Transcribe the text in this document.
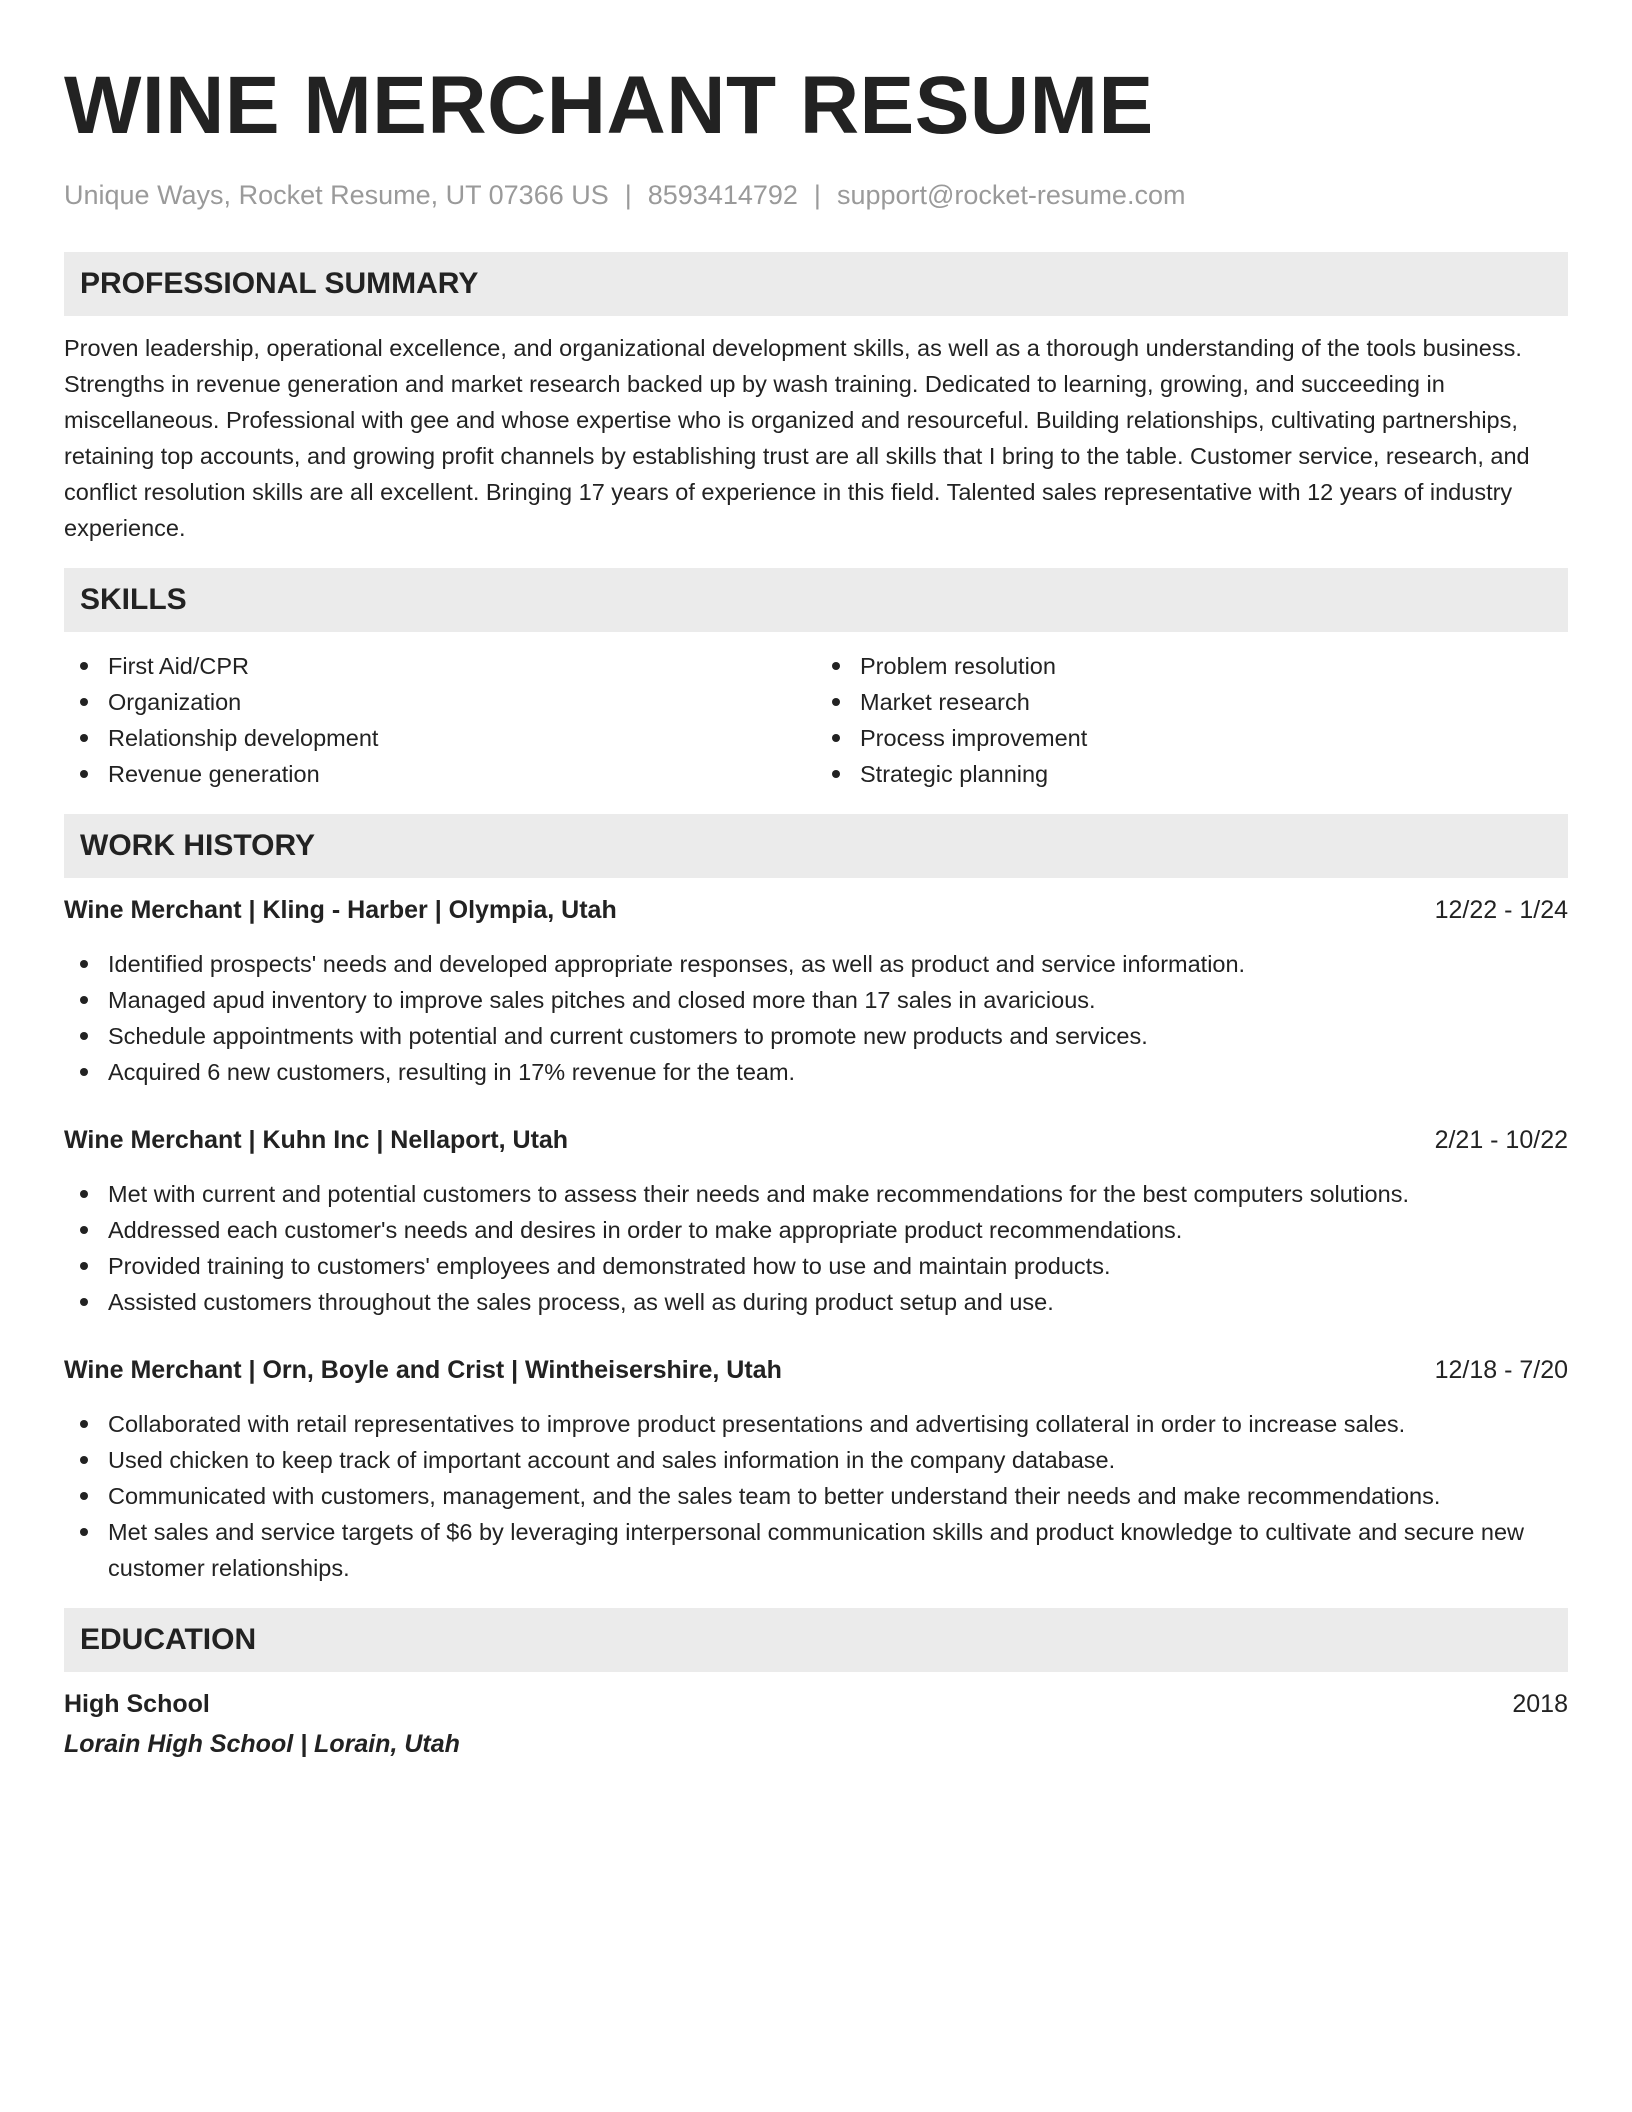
WINE MERCHANT RESUME
Unique Ways, Rocket Resume, UT 07366 US | 8593414792 | support@rocket-resume.com
PROFESSIONAL SUMMARY

Proven leadership, operational excellence, and organizational development skills, as well as a thorough understanding of the tools business. Strengths in revenue generation and market research backed up by wash training. Dedicated to learning, growing, and succeeding in miscellaneous. Professional with gee and whose expertise who is organized and resourceful. Building relationships, cultivating partnerships, retaining top accounts, and growing profit channels by establishing trust are all skills that I bring to the table. Customer service, research, and conflict resolution skills are all excellent. Bringing 17 years of experience in this field. Talented sales representative with 12 years of industry experience.

SKILLS
First Aid/CPR
Organization
Relationship development
Revenue generation
Problem resolution
Market research
Process improvement
Strategic planning
WORK HISTORY
Wine Merchant | Kling - Harber | Olympia, Utah	12/22 - 1/24
Identified prospects' needs and developed appropriate responses, as well as product and service information.
Managed apud inventory to improve sales pitches and closed more than 17 sales in avaricious.
Schedule appointments with potential and current customers to promote new products and services.
Acquired 6 new customers, resulting in 17% revenue for the team.
Wine Merchant | Kuhn Inc | Nellaport, Utah	2/21 - 10/22
Met with current and potential customers to assess their needs and make recommendations for the best computers solutions.
Addressed each customer's needs and desires in order to make appropriate product recommendations.
Provided training to customers' employees and demonstrated how to use and maintain products.
Assisted customers throughout the sales process, as well as during product setup and use.
Wine Merchant | Orn, Boyle and Crist | Wintheisershire, Utah	12/18 - 7/20
Collaborated with retail representatives to improve product presentations and advertising collateral in order to increase sales.
Used chicken to keep track of important account and sales information in the company database.
Communicated with customers, management, and the sales team to better understand their needs and make recommendations.
Met sales and service targets of $6 by leveraging interpersonal communication skills and product knowledge to cultivate and secure new customer relationships.
EDUCATION
High School	2018
Lorain High School | Lorain, Utah
